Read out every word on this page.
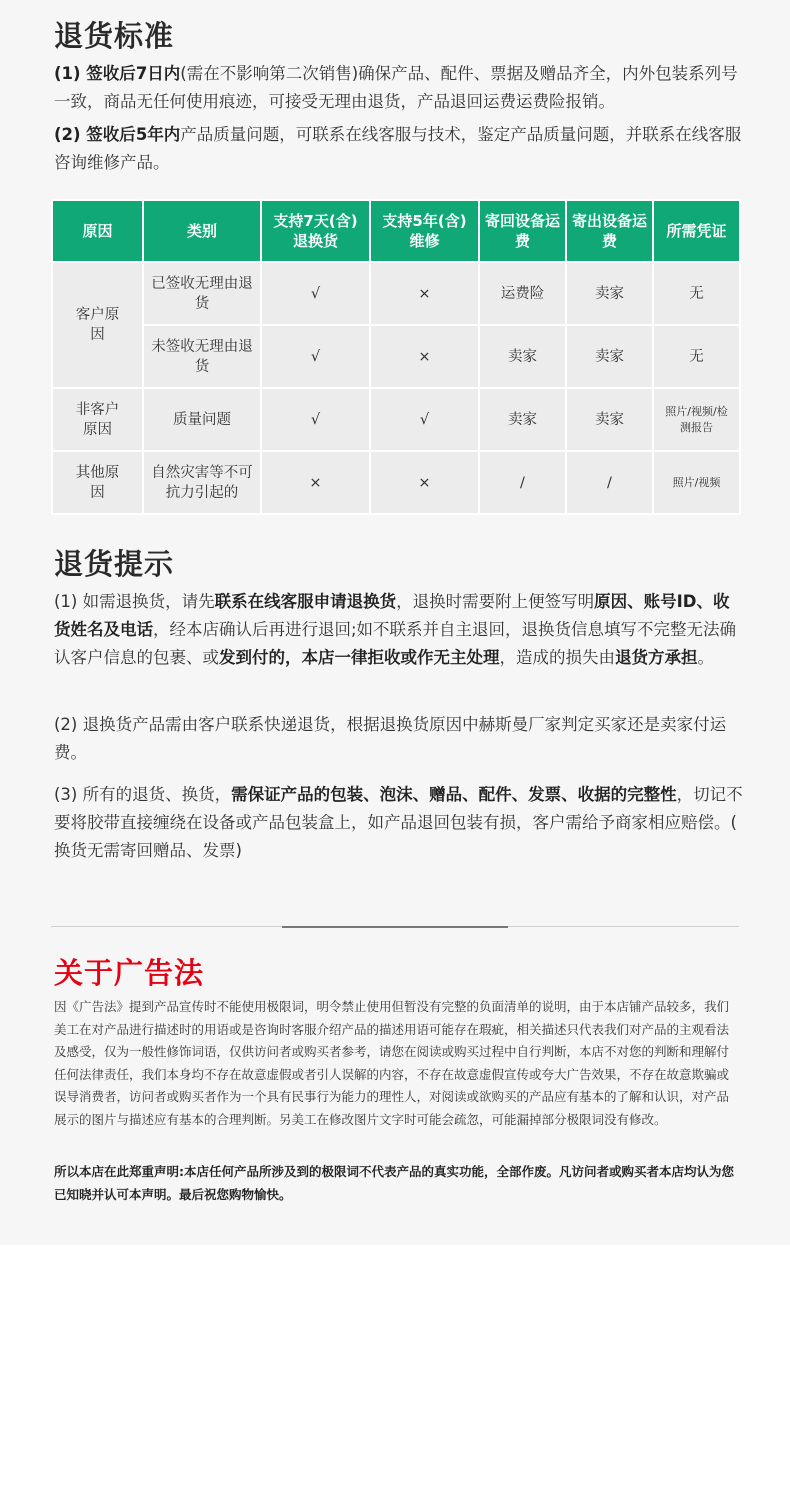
退货标准
(1) 签收后7日内(需在不影响第二次销售)确保产品、配件、票据及赠品齐全，内外包装系列号一致，商品无任何使用痕迹，可接受无理由退货，产品退回运费运费险报销。
(2) 签收后5年内产品质量问题，可联系在线客服与技术，鉴定产品质量问题，并联系在线客服咨询维修产品。
原因	类别	支持7天(含)退换货	支持5年(含)维修	寄回设备运费	寄出设备运费	所需凭证
客户原因	已签收无理由退货	√	×	运费险	卖家	无
	未签收无理由退货	√	×	卖家	卖家	无
非客户原因	质量问题	√	√	卖家	卖家	照片/视频/检测报告
其他原因	自然灾害等不可抗力引起的	×	×	/	/	照片/视频
退货提示
(1) 如需退换货，请先联系在线客服申请退换货，退换时需要附上便签写明原因、账号ID、收货姓名及电话，经本店确认后再进行退回;如不联系并自主退回，退换货信息填写不完整无法确认客户信息的包裹、或发到付的，本店一律拒收或作无主处理，造成的损失由退货方承担。
(2) 退换货产品需由客户联系快递退货，根据退换货原因中赫斯曼厂家判定买家还是卖家付运费。
(3) 所有的退货、换货，需保证产品的包装、泡沫、赠品、配件、发票、收据的完整性，切记不要将胶带直接缠绕在设备或产品包装盒上，如产品退回包装有损，客户需给予商家相应赔偿。( 换货无需寄回赠品、发票)
关于广告法
因《广告法》提到产品宣传时不能使用极限词，明令禁止使用但暂没有完整的负面清单的说明，由于本店铺产品较多，我们美工在对产品进行描述时的用语或是咨询时客服介绍产品的描述用语可能存在瑕疵，相关描述只代表我们对产品的主观看法及感受，仅为一般性修饰词语，仅供访问者或购买者参考，请您在阅读或购买过程中自行判断，本店不对您的判断和理解付任何法律责任，我们本身均不存在故意虚假或者引人误解的内容，不存在故意虚假宣传或夸大广告效果，不存在故意欺骗或误导消费者，访问者或购买者作为一个具有民事行为能力的理性人，对阅读或欲购买的产品应有基本的了解和认识，对产品展示的图片与描述应有基本的合理判断。另美工在修改图片文字时可能会疏忽，可能漏掉部分极限词没有修改。
所以本店在此郑重声明:本店任何产品所涉及到的极限词不代表产品的真实功能，全部作废。凡访问者或购买者本店均认为您已知晓并认可本声明。最后祝您购物愉快。
